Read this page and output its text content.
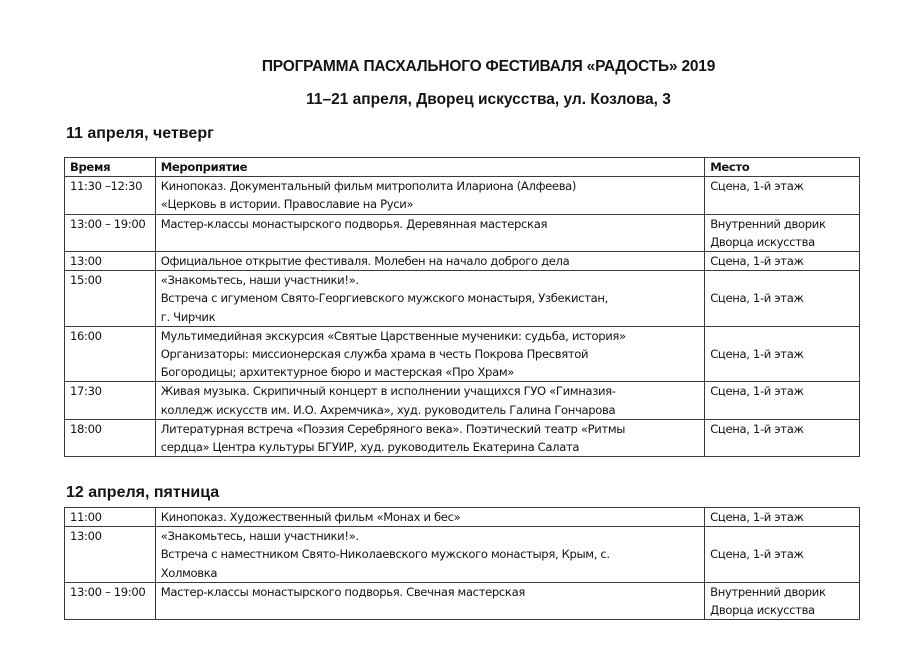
ПРОГРАММА ПАСХАЛЬНОГО ФЕСТИВАЛЯ «РАДОСТЬ» 2019
11–21 апреля, Дворец искусства, ул. Козлова, 3
11 апреля, четверг
Время	Мероприятие	Место
11:30 –12:30	Кинопоказ. Документальный фильм митрополита Илариона (Алфеева)
«Церковь в истории. Православие на Руси»	Сцена, 1-й этаж

13:00 – 19:00	Мастер-классы монастырского подворья. Деревянная мастерская	Внутренний дворик
Дворца искусства

13:00	Официальное открытие фестиваля. Молебен на начало доброго дела	Сцена, 1-й этаж

15:00	«Знакомьтесь, наши участники!».
Встреча с игуменом Свято-Георгиевского мужского монастыря, Узбекистан,
г. Чирчик	Сцена, 1-й этаж

16:00	Мультимедийная экскурсия «Святые Царственные мученики: судьба, история»
Организаторы: миссионерская служба храма в честь Покрова Пресвятой
Богородицы; архитектурное бюро и мастерская «Про Храм»	Сцена, 1-й этаж

17:30	Живая музыка. Скрипичный концерт в исполнении учащихся ГУО «Гимназия-
колледж искусств им. И.О. Ахремчика», худ. руководитель Галина Гончарова	Сцена, 1-й этаж

18:00	Литературная встреча «Поэзия Серебряного века». Поэтический театр «Ритмы
сердца» Центра культуры БГУИР, худ. руководитель Екатерина Салата	Сцена, 1-й этаж
12 апреля, пятница
11:00	Кинопоказ. Художественный фильм «Монах и бес»	Сцена, 1-й этаж

13:00	«Знакомьтесь, наши участники!».
Встреча с наместником Свято-Николаевского мужского монастыря, Крым, с.
Холмовка	Сцена, 1-й этаж

13:00 – 19:00	Мастер-классы монастырского подворья. Свечная мастерская	Внутренний дворик
Дворца искусства
